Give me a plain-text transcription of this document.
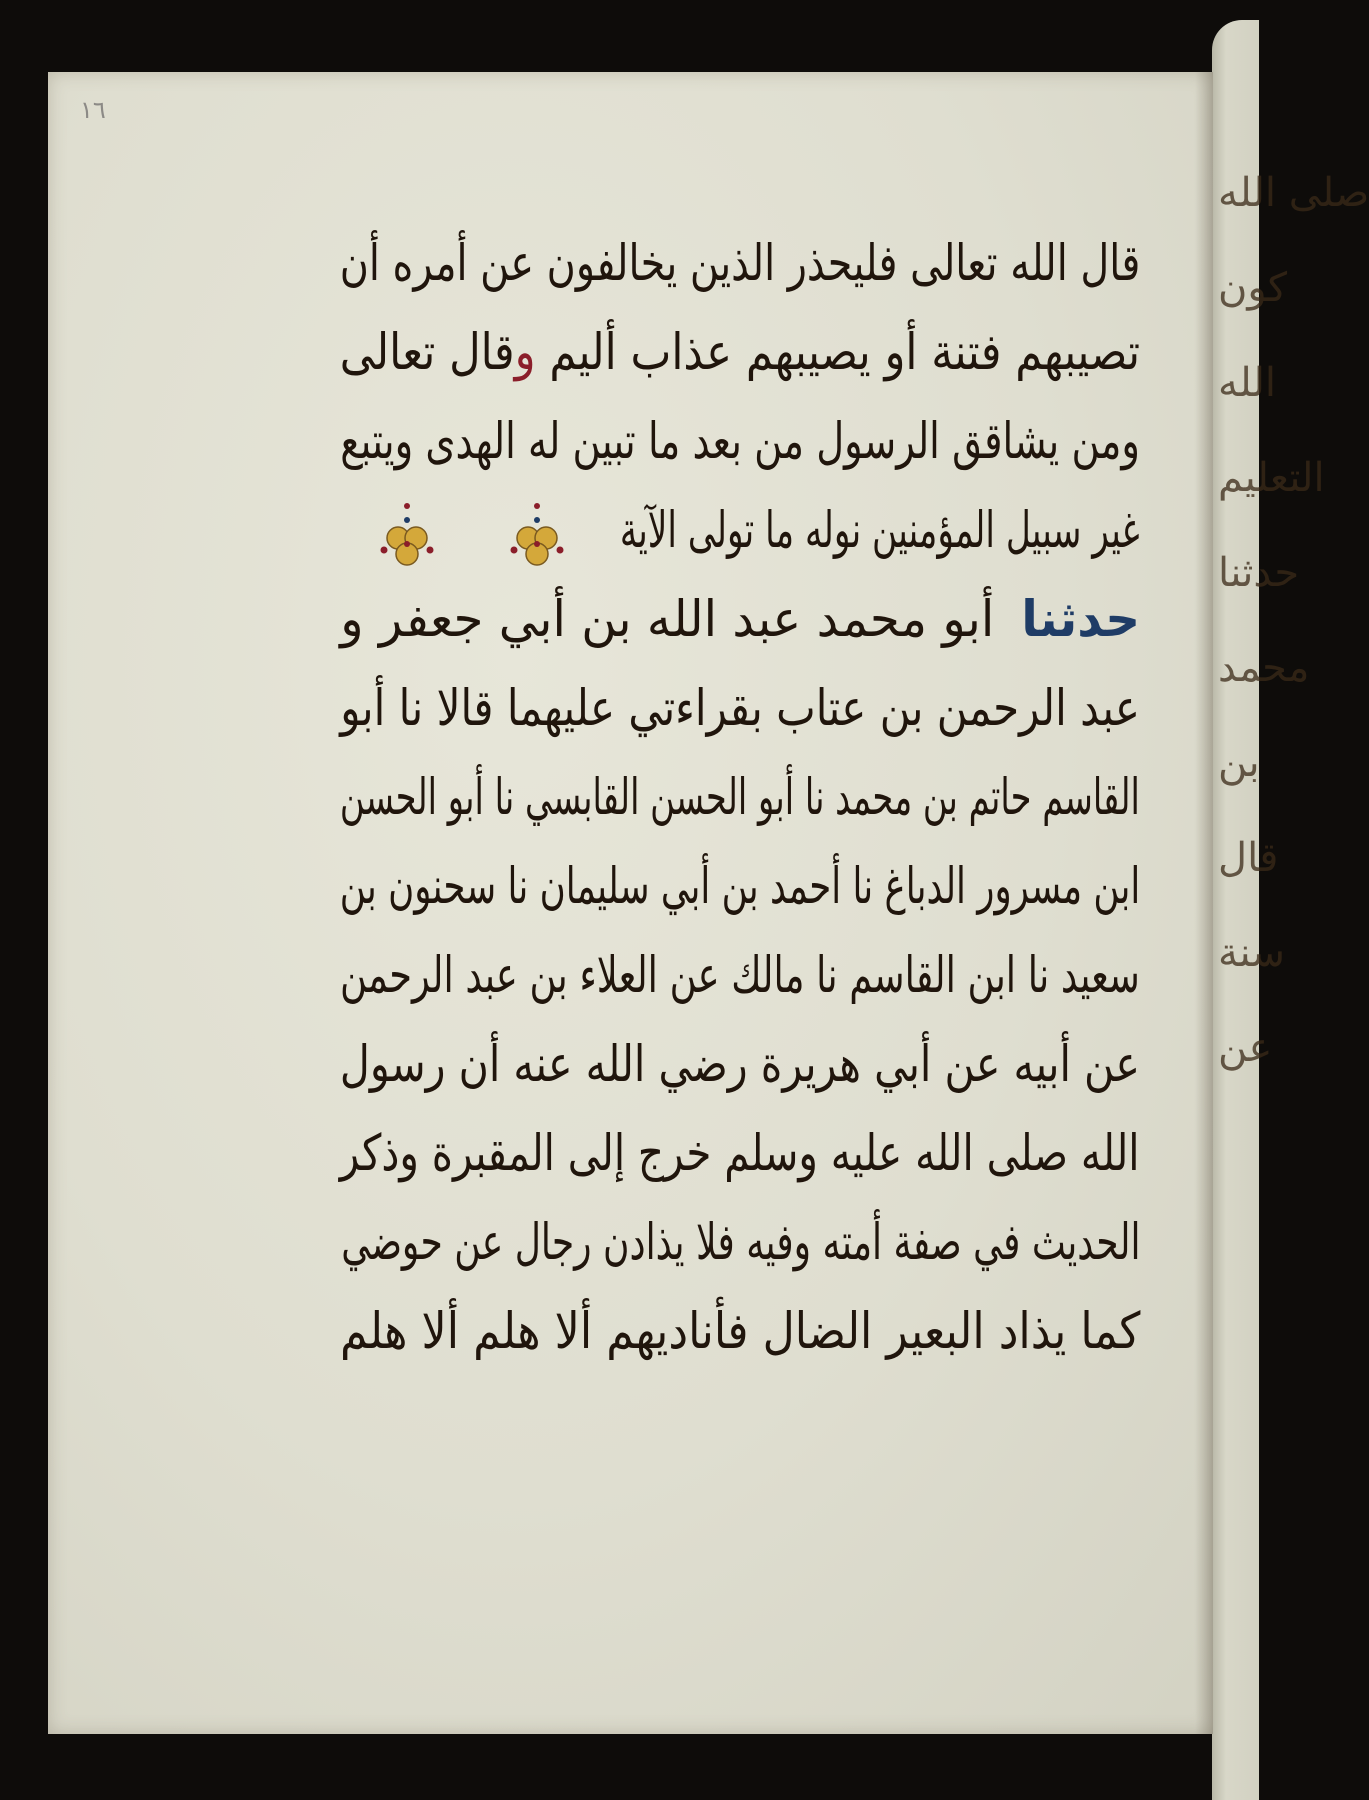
صلى الله
كون
الله
التعليم
حدثنا
محمد
بن
قال
سنة
عن
١٦
قال الله تعالى فليحذر الذين يخالفون عن أمره أن
تصيبهم فتنة أو يصيبهم عذاب أليم وقال تعالى
ومن يشاقق الرسول من بعد ما تبين له الهدى ويتبع
غير سبيل المؤمنين نوله ما تولى الآية
حدثنا أبو محمد عبد الله بن أبي جعفر و
عبد الرحمن بن عتاب بقراءتي عليهما قالا نا أبو
القاسم حاتم بن محمد نا أبو الحسن القابسي نا أبو الحسن
ابن مسرور الدباغ نا أحمد بن أبي سليمان نا سحنون بن
سعيد نا ابن القاسم نا مالك عن العلاء بن عبد الرحمن
عن أبيه عن أبي هريرة رضي الله عنه أن رسول
الله صلى الله عليه وسلم خرج إلى المقبرة وذكر
الحديث في صفة أمته وفيه فلا يذادن رجال عن حوضي
كما يذاد البعير الضال فأناديهم ألا هلم ألا هلم
